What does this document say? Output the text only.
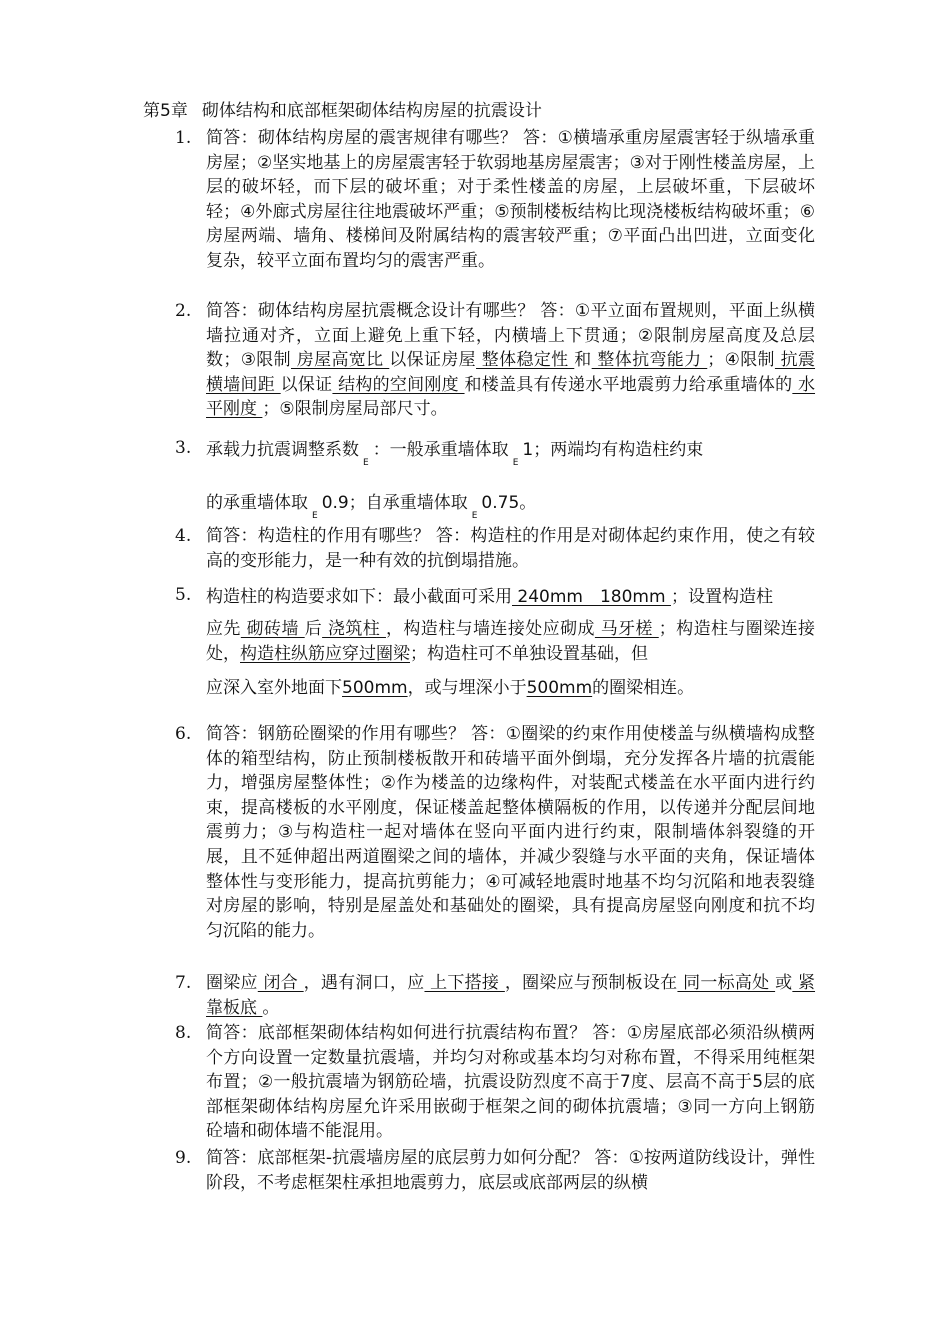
第5章 砌体结构和底部框架砌体结构房屋的抗震设计
1. 简答：砌体结构房屋的震害规律有哪些？ 答：①横墙承重房屋震害轻于纵墙承重房屋；②坚实地基上的房屋震害轻于软弱地基房屋震害；③对于刚性楼盖房屋，上层的破坏轻，而下层的破坏重；对于柔性楼盖的房屋，上层破坏重，下层破坏轻；④外廊式房屋往往地震破坏严重；⑤预制楼板结构比现浇楼板结构破坏重；⑥房屋两端、墙角、楼梯间及附属结构的震害较严重；⑦平面凸出凹进，立面变化复杂，较平立面布置均匀的震害严重。
2. 简答：砌体结构房屋抗震概念设计有哪些？ 答：①平立面布置规则，平面上纵横墙拉通对齐，立面上避免上重下轻，内横墙上下贯通；②限制房屋高度及总层数；③限制 房屋高宽比 以保证房屋 整体稳定性 和 整体抗弯能力 ；④限制 抗震横墙间距 以保证 结构的空间刚度 和楼盖具有传递水平地震剪力给承重墙体的 水平刚度 ；⑤限制房屋局部尺寸。
3. 承载力抗震调整系数$_E$：一般承重墙体取$_E$1；两端均有构造柱约束

的承重墙体取$_E$0.9；自承重墙体取$_E$0.75。

4. 简答：构造柱的作用有哪些？ 答：构造柱的作用是对砌体起约束作用，使之有较高的变形能力，是一种有效的抗倒塌措施。
5. 构造柱的构造要求如下：最小截面可采用 240mm　180mm ；设置构造柱

应先 砌砖墙 后 浇筑柱 ，构造柱与墙连接处应砌成 马牙槎 ；构造柱与圈梁连接处，构造柱纵筋应穿过圈梁；构造柱可不单独设置基础，但

应深入室外地面下500mm，或与埋深小于500mm的圈梁相连。

6. 简答：钢筋砼圈梁的作用有哪些？ 答：①圈梁的约束作用使楼盖与纵横墙构成整体的箱型结构，防止预制楼板散开和砖墙平面外倒塌，充分发挥各片墙的抗震能力，增强房屋整体性；②作为楼盖的边缘构件，对装配式楼盖在水平面内进行约束，提高楼板的水平刚度，保证楼盖起整体横隔板的作用，以传递并分配层间地震剪力；③与构造柱一起对墙体在竖向平面内进行约束，限制墙体斜裂缝的开展，且不延伸超出两道圈梁之间的墙体，并减少裂缝与水平面的夹角，保证墙体整体性与变形能力，提高抗剪能力；④可减轻地震时地基不均匀沉陷和地表裂缝对房屋的影响，特别是屋盖处和基础处的圈梁，具有提高房屋竖向刚度和抗不均匀沉陷的能力。
7. 圈梁应 闭合 ，遇有洞口，应 上下搭接 ，圈梁应与预制板设在 同一标高处 或 紧靠板底 。
8. 简答：底部框架砌体结构如何进行抗震结构布置？ 答：①房屋底部必须沿纵横两个方向设置一定数量抗震墙，并均匀对称或基本均匀对称布置，不得采用纯框架布置；②一般抗震墙为钢筋砼墙，抗震设防烈度不高于7度、层高不高于5层的底部框架砌体结构房屋允许采用嵌砌于框架之间的砌体抗震墙；③同一方向上钢筋砼墙和砌体墙不能混用。
9. 简答：底部框架-抗震墙房屋的底层剪力如何分配？ 答：①按两道防线设计，弹性阶段，不考虑框架柱承担地震剪力，底层或底部两层的纵横
